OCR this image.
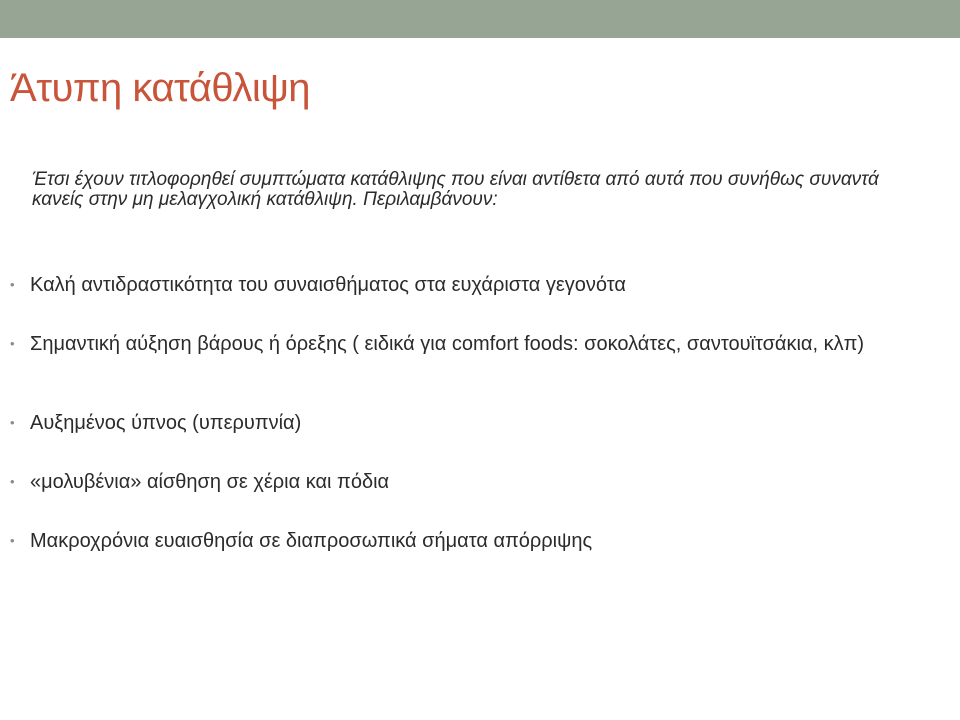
Άτυπη κατάθλιψη

Έτσι έχουν τιτλοφορηθεί συμπτώματα κατάθλιψης που είναι αντίθετα από αυτά που συνήθως συναντά κανείς στην μη μελαγχολική κατάθλιψη. Περιλαμβάνουν:

• Καλή αντιδραστικότητα του συναισθήματος στα ευχάριστα γεγονότα
• Σημαντική αύξηση βάρους ή όρεξης ( ειδικά για comfort foods: σοκολάτες, σαντουϊτσάκια, κλπ)
• Αυξημένος ύπνος (υπερυπνία)
• «μολυβένια» αίσθηση σε χέρια και πόδια
• Μακροχρόνια ευαισθησία σε διαπροσωπικά σήματα απόρριψης
